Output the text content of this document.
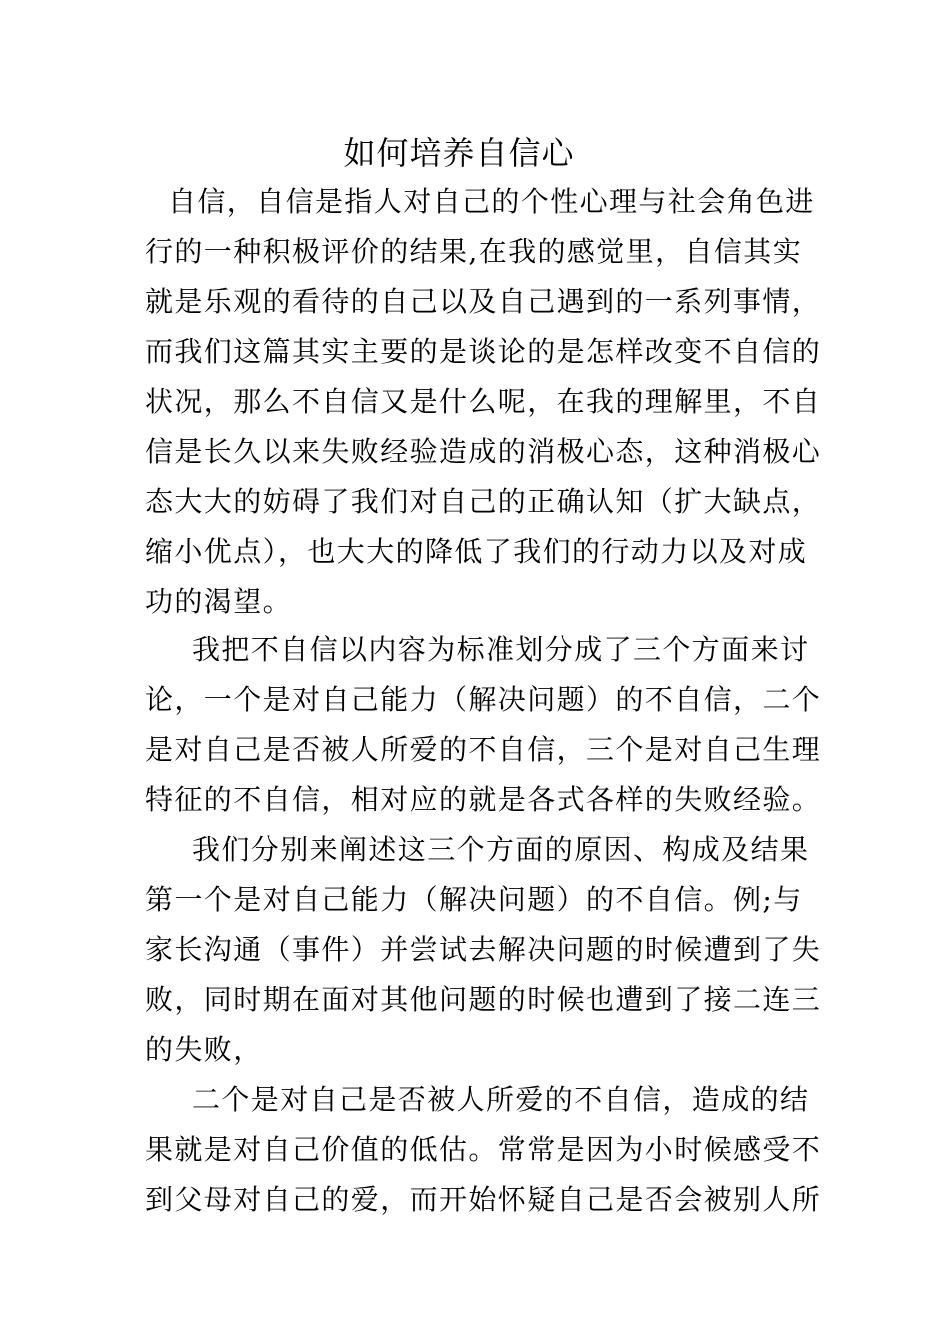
如何培养自信心
自信，自信是指人对自己的个性心理与社会角色进
行的一种积极评价的结果,在我的感觉里，自信其实
就是乐观的看待的自己以及自己遇到的一系列事情，
而我们这篇其实主要的是谈论的是怎样改变不自信的
状况，那么不自信又是什么呢，在我的理解里，不自
信是长久以来失败经验造成的消极心态，这种消极心
态大大的妨碍了我们对自己的正确认知（扩大缺点，
缩小优点），也大大的降低了我们的行动力以及对成
功的渴望。
我把不自信以内容为标准划分成了三个方面来讨
论，一个是对自己能力（解决问题）的不自信，二个
是对自己是否被人所爱的不自信，三个是对自己生理
特征的不自信，相对应的就是各式各样的失败经验。
我们分别来阐述这三个方面的原因、构成及结果
第一个是对自己能力（解决问题）的不自信。例;与
家长沟通（事件）并尝试去解决问题的时候遭到了失
败，同时期在面对其他问题的时候也遭到了接二连三
的失败，
二个是对自己是否被人所爱的不自信，造成的结
果就是对自己价值的低估。常常是因为小时候感受不
到父母对自己的爱，而开始怀疑自己是否会被别人所
